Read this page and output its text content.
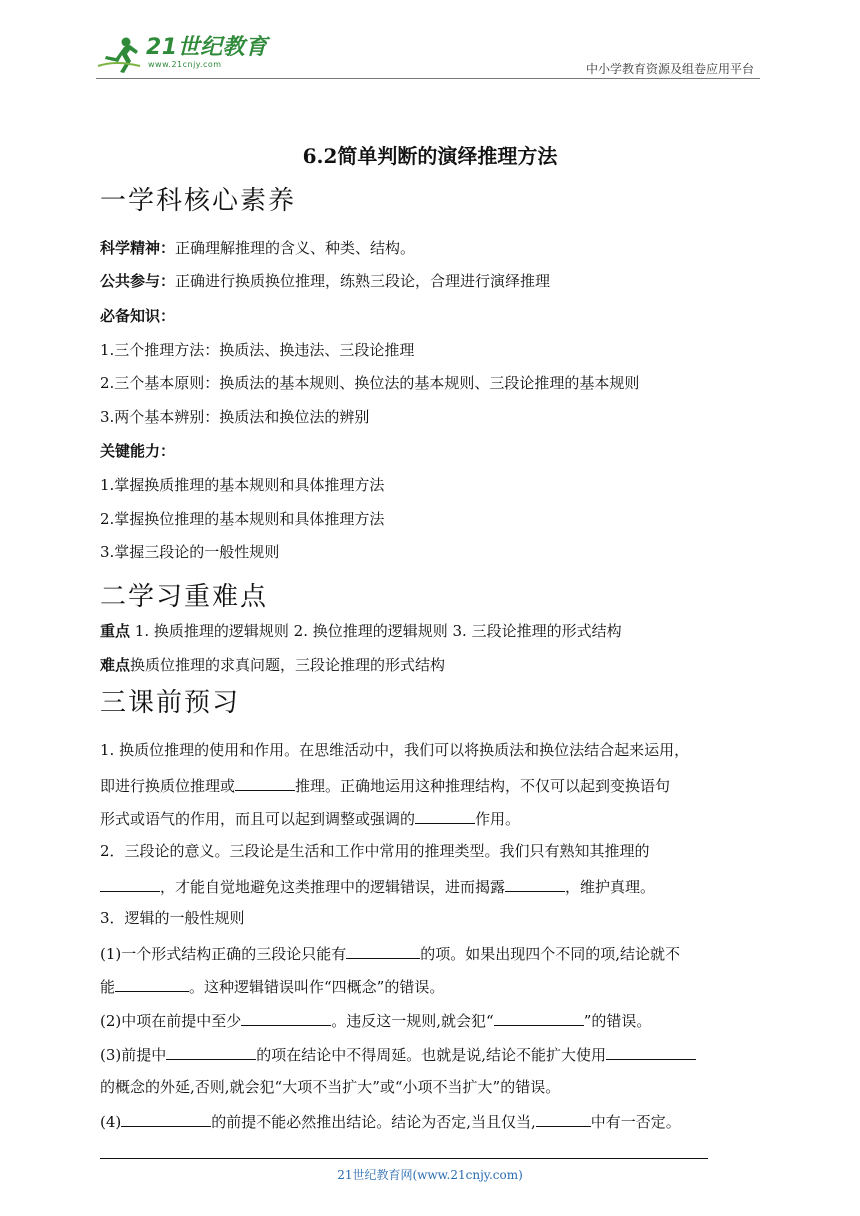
21世纪教育
www.21cnjy.com	中小学教育资源及组卷应用平台
6.2简单判断的演绎推理方法
一学科核心素养
科学精神：正确理解推理的含义、种类、结构。
公共参与：正确进行换质换位推理，练熟三段论，合理进行演绎推理
必备知识：
1.三个推理方法：换质法、换违法、三段论推理
2.三个基本原则：换质法的基本规则、换位法的基本规则、三段论推理的基本规则
3.两个基本辨别：换质法和换位法的辨别
关键能力：
1.掌握换质推理的基本规则和具体推理方法
2.掌握换位推理的基本规则和具体推理方法
3.掌握三段论的一般性规则
二学习重难点
重点 1. 换质推理的逻辑规则 2. 换位推理的逻辑规则 3. 三段论推理的形式结构
难点换质位推理的求真问题，三段论推理的形式结构
三课前预习
1. 换质位推理的使用和作用。在思维活动中，我们可以将换质法和换位法结合起来运用，
即进行换质位推理或	推理。正确地运用这种推理结构，不仅可以起到变换语句
形式或语气的作用，而且可以起到调整或强调的	作用。
2．三段论的意义。三段论是生活和工作中常用的推理类型。我们只有熟知其推理的
，才能自觉地避免这类推理中的逻辑错误，进而揭露	，维护真理。
3．逻辑的一般性规则
(1)一个形式结构正确的三段论只能有	的项。如果出现四个不同的项,结论就不
能	。这种逻辑错误叫作“四概念”的错误。
(2)中项在前提中至少	。违反这一规则,就会犯“	”的错误。
(3)前提中	的项在结论中不得周延。也就是说,结论不能扩大使用
的概念的外延,否则,就会犯“大项不当扩大”或“小项不当扩大”的错误。
(4)	的前提不能必然推出结论。结论为否定,当且仅当,	中有一否定。
21世纪教育网(www.21cnjy.com)
